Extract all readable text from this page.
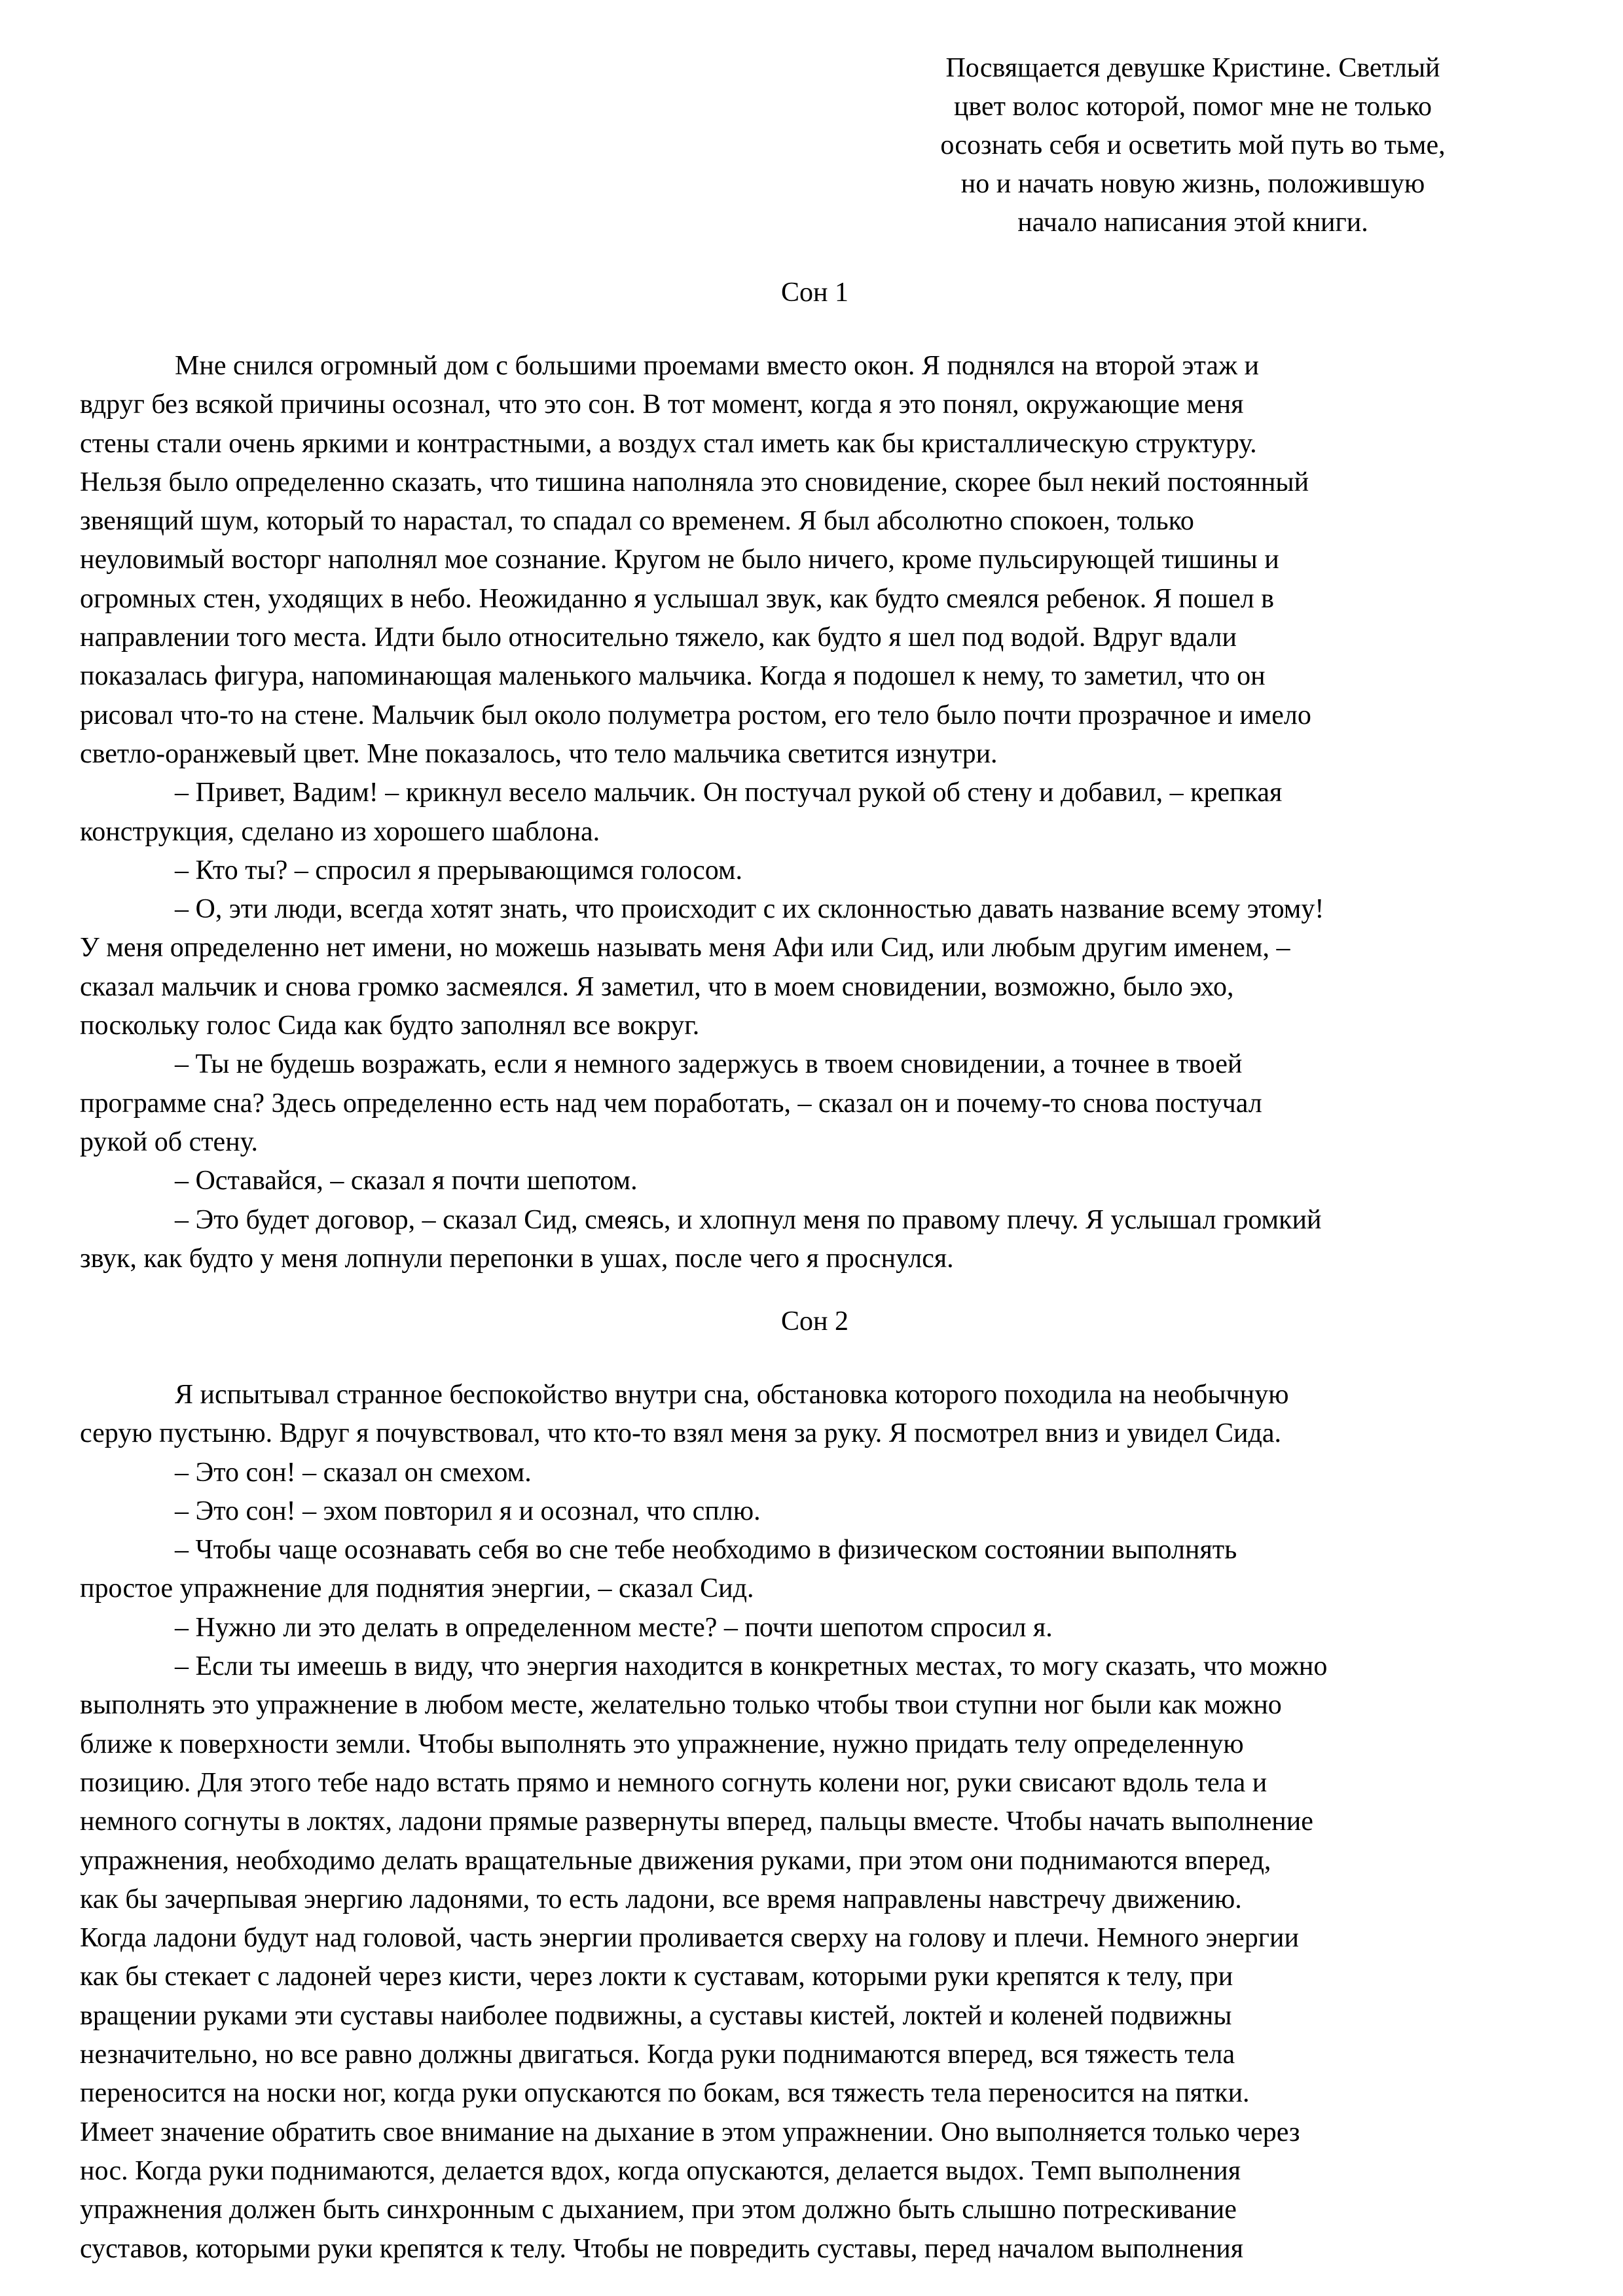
Посвящается девушке Кристине. Светлый
цвет волос которой, помог мне не только
осознать себя и осветить мой путь во тьме,
но и начать новую жизнь, положившую
начало написания этой книги.
Сон 1
Мне снился огромный дом с большими проемами вместо окон. Я поднялся на второй этаж и
вдруг без всякой причины осознал, что это сон. В тот момент, когда я это понял, окружающие меня
стены стали очень яркими и контрастными, а воздух стал иметь как бы кристаллическую структуру.
Нельзя было определенно сказать, что тишина наполняла это сновидение, скорее был некий постоянный
звенящий шум, который то нарастал, то спадал со временем. Я был абсолютно спокоен, только
неуловимый восторг наполнял мое сознание. Кругом не было ничего, кроме пульсирующей тишины и
огромных стен, уходящих в небо. Неожиданно я услышал звук, как будто смеялся ребенок. Я пошел в
направлении того места. Идти было относительно тяжело, как будто я шел под водой. Вдруг вдали
показалась фигура, напоминающая маленького мальчика. Когда я подошел к нему, то заметил, что он
рисовал что-то на стене. Мальчик был около полуметра ростом, его тело было почти прозрачное и имело
светло-оранжевый цвет. Мне показалось, что тело мальчика светится изнутри.
– Привет, Вадим! – крикнул весело мальчик. Он постучал рукой об стену и добавил, – крепкая
конструкция, сделано из хорошего шаблона.
– Кто ты? – спросил я прерывающимся голосом.
– О, эти люди, всегда хотят знать, что происходит с их склонностью давать название всему этому!
У меня определенно нет имени, но можешь называть меня Афи или Сид, или любым другим именем, –
сказал мальчик и снова громко засмеялся. Я заметил, что в моем сновидении, возможно, было эхо,
поскольку голос Сида как будто заполнял все вокруг.
– Ты не будешь возражать, если я немного задержусь в твоем сновидении, а точнее в твоей
программе сна? Здесь определенно есть над чем поработать, – сказал он и почему-то снова постучал
рукой об стену.
– Оставайся, – сказал я почти шепотом.
– Это будет договор, – сказал Сид, смеясь, и хлопнул меня по правому плечу. Я услышал громкий
звук, как будто у меня лопнули перепонки в ушах, после чего я проснулся.
Сон 2
Я испытывал странное беспокойство внутри сна, обстановка которого походила на необычную
серую пустыню. Вдруг я почувствовал, что кто-то взял меня за руку. Я посмотрел вниз и увидел Сида.
– Это сон! – сказал он смехом.
– Это сон! – эхом повторил я и осознал, что сплю.
– Чтобы чаще осознавать себя во сне тебе необходимо в физическом состоянии выполнять
простое упражнение для поднятия энергии, – сказал Сид.
– Нужно ли это делать в определенном месте? – почти шепотом спросил я.
– Если ты имеешь в виду, что энергия находится в конкретных местах, то могу сказать, что можно
выполнять это упражнение в любом месте, желательно только чтобы твои ступни ног были как можно
ближе к поверхности земли. Чтобы выполнять это упражнение, нужно придать телу определенную
позицию. Для этого тебе надо встать прямо и немного согнуть колени ног, руки свисают вдоль тела и
немного согнуты в локтях, ладони прямые развернуты вперед, пальцы вместе. Чтобы начать выполнение
упражнения, необходимо делать вращательные движения руками, при этом они поднимаются вперед,
как бы зачерпывая энергию ладонями, то есть ладони, все время направлены навстречу движению.
Когда ладони будут над головой, часть энергии проливается сверху на голову и плечи. Немного энергии
как бы стекает с ладоней через кисти, через локти к суставам, которыми руки крепятся к телу, при
вращении руками эти суставы наиболее подвижны, а суставы кистей, локтей и коленей подвижны
незначительно, но все равно должны двигаться. Когда руки поднимаются вперед, вся тяжесть тела
переносится на носки ног, когда руки опускаются по бокам, вся тяжесть тела переносится на пятки.
Имеет значение обратить свое внимание на дыхание в этом упражнении. Оно выполняется только через
нос. Когда руки поднимаются, делается вдох, когда опускаются, делается выдох. Темп выполнения
упражнения должен быть синхронным с дыханием, при этом должно быть слышно потрескивание
суставов, которыми руки крепятся к телу. Чтобы не повредить суставы, перед началом выполнения
